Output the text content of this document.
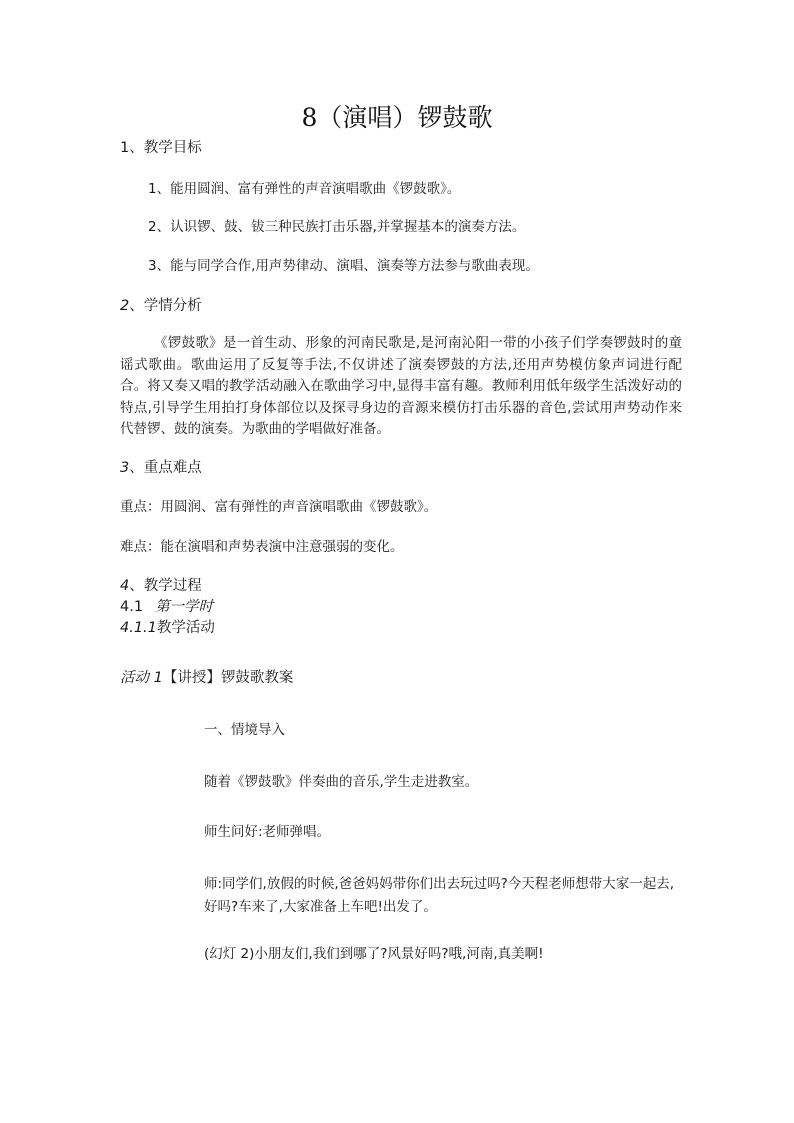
8（演唱）锣鼓歌
1、教学目标
1、能用圆润、富有弹性的声音演唱歌曲《锣鼓歌》。
2、认识锣、鼓、钹三种民族打击乐器,并掌握基本的演奏方法。
3、能与同学合作,用声势律动、演唱、演奏等方法参与歌曲表现。
2、学情分析
《锣鼓歌》是一首生动、形象的河南民歌是,是河南沁阳一带的小孩子们学奏锣鼓时的童谣式歌曲。歌曲运用了反复等手法,不仅讲述了演奏锣鼓的方法,还用声势模仿象声词进行配合。将又奏又唱的教学活动融入在歌曲学习中,显得丰富有趣。教师利用低年级学生活泼好动的特点,引导学生用拍打身体部位以及探寻身边的音源来模仿打击乐器的音色,尝试用声势动作来代替锣、鼓的演奏。为歌曲的学唱做好准备。
3、重点难点
重点：用圆润、富有弹性的声音演唱歌曲《锣鼓歌》。
难点：能在演唱和声势表演中注意强弱的变化。
4、教学过程
4.1 第一学时
4.1.1教学活动
活动 1【讲授】锣鼓歌教案
一、情境导入
随着《锣鼓歌》伴奏曲的音乐,学生走进教室。
师生问好:老师弹唱。
师:同学们,放假的时候,爸爸妈妈带你们出去玩过吗?今天程老师想带大家一起去,好吗?车来了,大家准备上车吧!出发了。
(幻灯 2)小朋友们,我们到哪了?风景好吗?哦,河南,真美啊!
